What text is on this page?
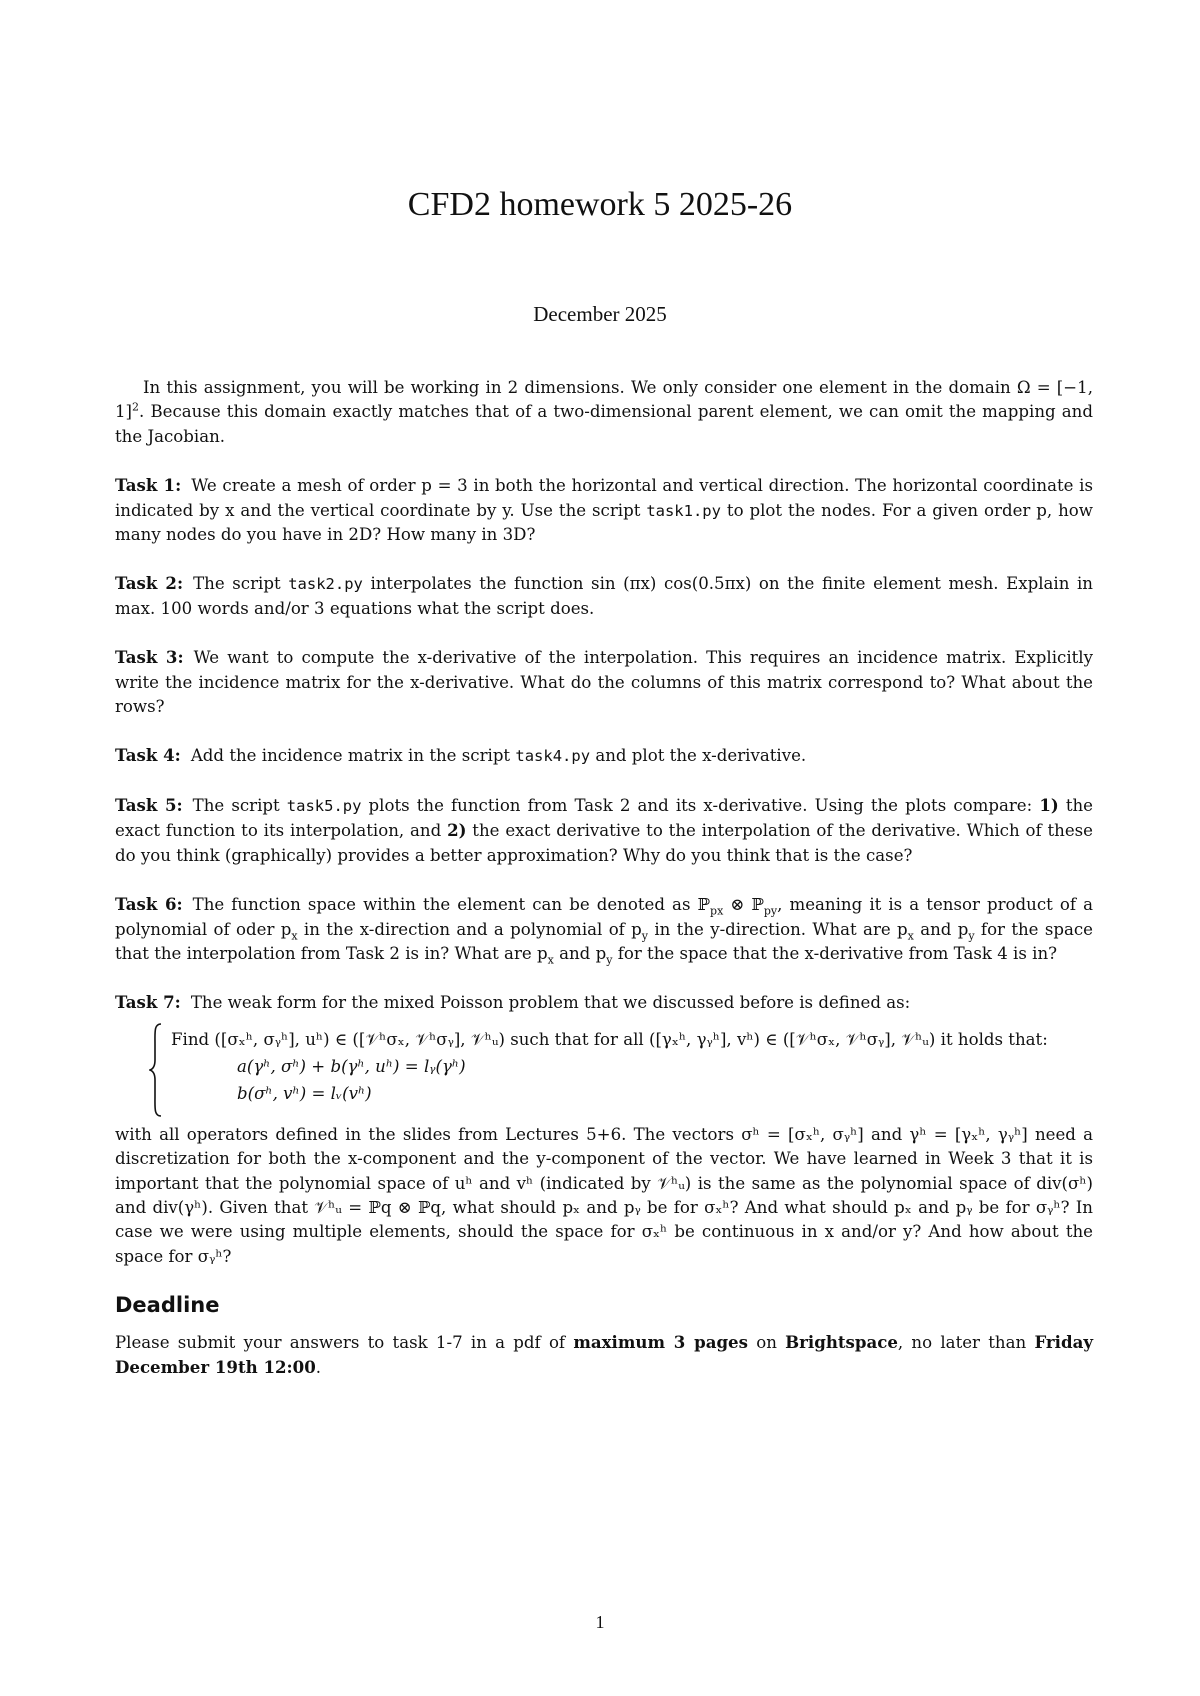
CFD2 homework 5 2025-26
December 2025

In this assignment, you will be working in 2 dimensions. We only consider one element in the domain Ω = [−1, 1]$^2$. Because this domain exactly matches that of a two-dimensional parent element, we can omit the mapping and the Jacobian.

Task 1: We create a mesh of order p = 3 in both the horizontal and vertical direction. The horizontal coordinate is indicated by x and the vertical coordinate by y. Use the script task1.py to plot the nodes. For a given order p, how many nodes do you have in 2D? How many in 3D?

Task 2: The script task2.py interpolates the function sin (πx) cos(0.5πx) on the finite element mesh. Explain in max. 100 words and/or 3 equations what the script does.

Task 3: We want to compute the x-derivative of the interpolation. This requires an incidence matrix. Explicitly write the incidence matrix for the x-derivative. What do the columns of this matrix correspond to? What about the rows?

Task 4: Add the incidence matrix in the script task4.py and plot the x-derivative.

Task 5: The script task5.py plots the function from Task 2 and its x-derivative. Using the plots compare: 1) the exact function to its interpolation, and 2) the exact derivative to the interpolation of the derivative. Which of these do you think (graphically) provides a better approximation? Why do you think that is the case?

Task 6: The function space within the element can be denoted as ℙ$_{px}$ ⊗ ℙ$_{py}$, meaning it is a tensor product of a polynomial of oder $p_x$ in the x-direction and a polynomial of $p_y$ in the y-direction. What are $p_x$ and $p_y$ for the space that the interpolation from Task 2 is in? What are $p_x$ and $p_y$ for the space that the x-derivative from Task 4 is in?

Task 7: The weak form for the mixed Poisson problem that we discussed before is defined as:

Find ([σₓʰ, σᵧʰ], uʰ) ∈ ([𝒱ʰσₓ, 𝒱ʰσᵧ], 𝒱ʰᵤ) such that for all ([γₓʰ, γᵧʰ], vʰ) ∈ ([𝒱ʰσₓ, 𝒱ʰσᵧ], 𝒱ʰᵤ) it holds that:
a(γʰ, σʰ) + b(γʰ, uʰ) = lᵧ(γʰ)
b(σʰ, vʰ) = lᵥ(vʰ)

with all operators defined in the slides from Lectures 5+6. The vectors σʰ = [σₓʰ, σᵧʰ] and γʰ = [γₓʰ, γᵧʰ] need a discretization for both the x-component and the y-component of the vector. We have learned in Week 3 that it is important that the polynomial space of uʰ and vʰ (indicated by 𝒱ʰᵤ) is the same as the polynomial space of div(σʰ) and div(γʰ). Given that 𝒱ʰᵤ = ℙq ⊗ ℙq, what should pₓ and pᵧ be for σₓʰ? And what should pₓ and pᵧ be for σᵧʰ? In case we were using multiple elements, should the space for σₓʰ be continuous in x and/or y? And how about the space for σᵧʰ?

Deadline

Please submit your answers to task 1-7 in a pdf of maximum 3 pages on Brightspace, no later than Friday December 19th 12:00.

1
